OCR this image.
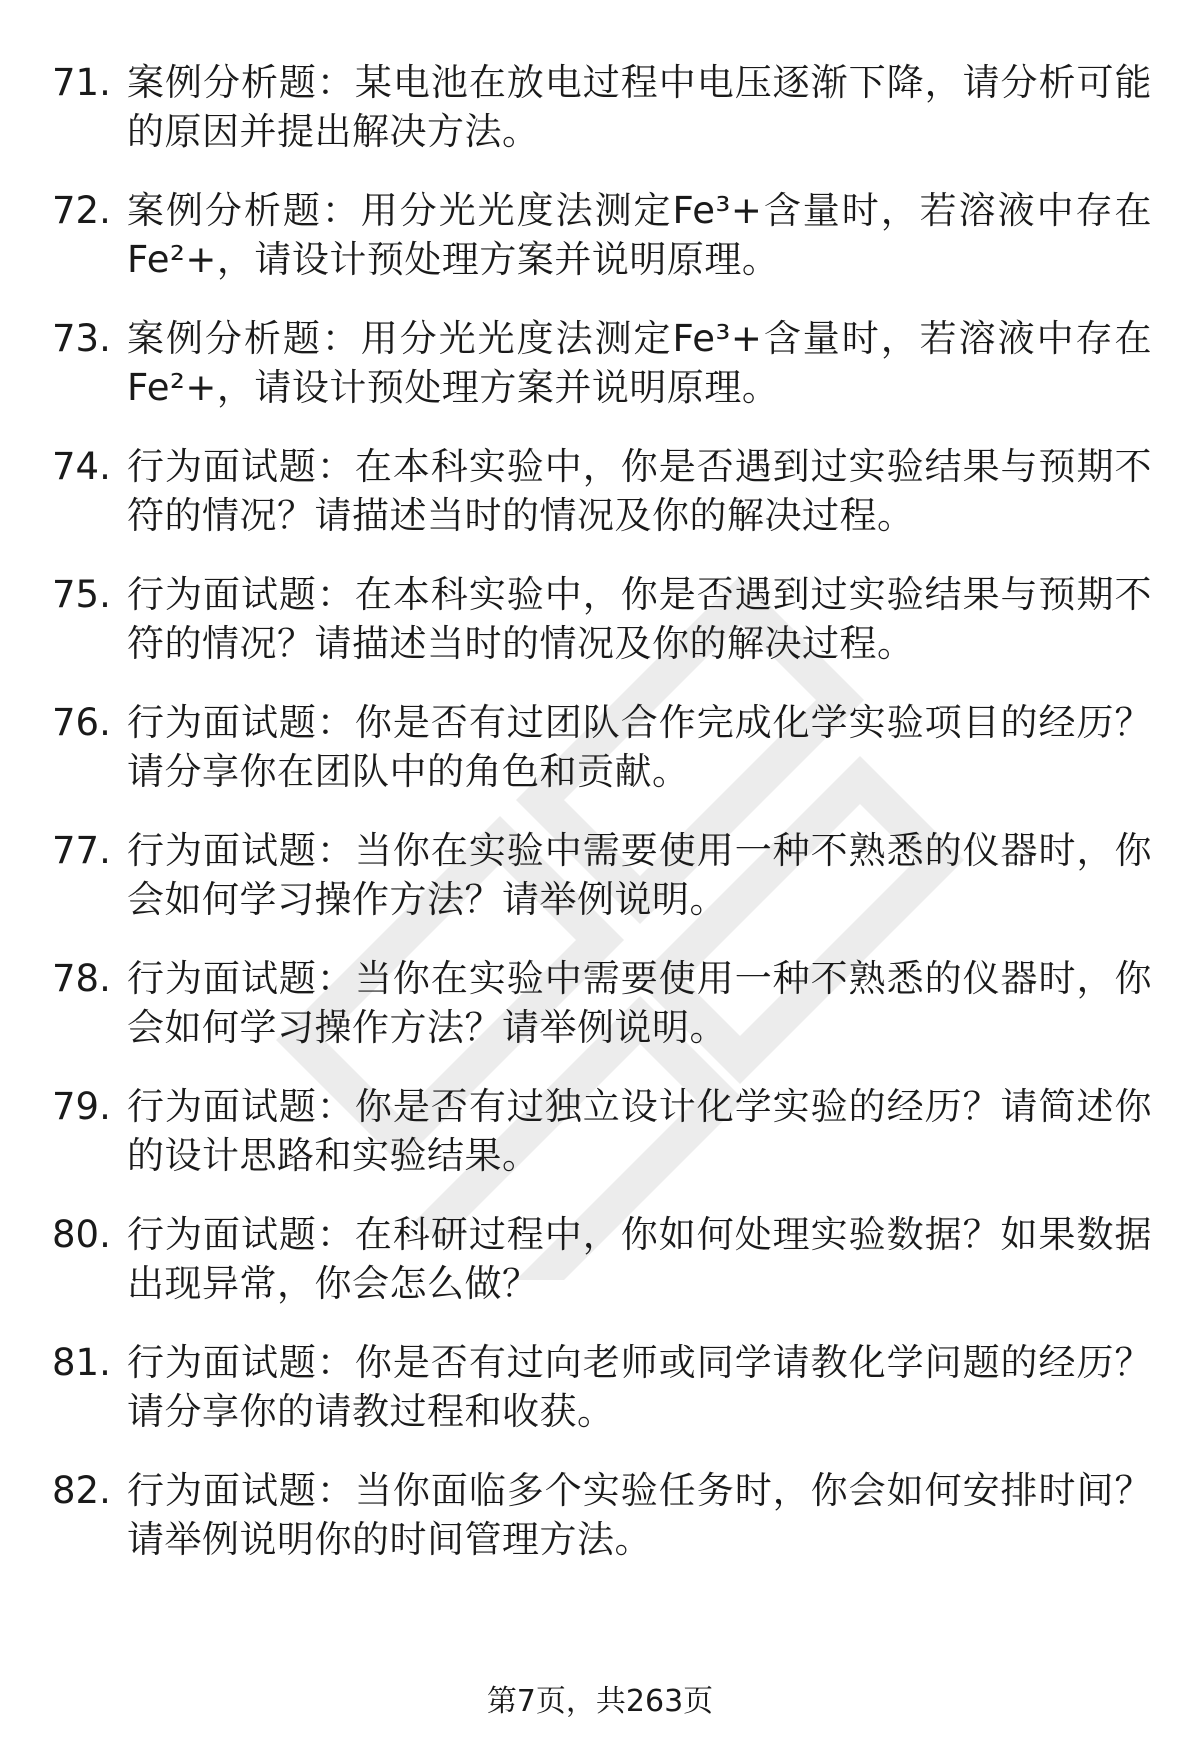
71. 案例分析题：某电池在放电过程中电压逐渐下降，请分析可能的原因并提出解决方法。
72. 案例分析题：用分光光度法测定Fe³+含量时，若溶液中存在Fe²+，请设计预处理方案并说明原理。
73. 案例分析题：用分光光度法测定Fe³+含量时，若溶液中存在Fe²+，请设计预处理方案并说明原理。
74. 行为面试题：在本科实验中，你是否遇到过实验结果与预期不符的情况？请描述当时的情况及你的解决过程。
75. 行为面试题：在本科实验中，你是否遇到过实验结果与预期不符的情况？请描述当时的情况及你的解决过程。
76. 行为面试题：你是否有过团队合作完成化学实验项目的经历？请分享你在团队中的角色和贡献。
77. 行为面试题：当你在实验中需要使用一种不熟悉的仪器时，你会如何学习操作方法？请举例说明。
78. 行为面试题：当你在实验中需要使用一种不熟悉的仪器时，你会如何学习操作方法？请举例说明。
79. 行为面试题：你是否有过独立设计化学实验的经历？请简述你的设计思路和实验结果。
80. 行为面试题：在科研过程中，你如何处理实验数据？如果数据出现异常，你会怎么做？
81. 行为面试题：你是否有过向老师或同学请教化学问题的经历？请分享你的请教过程和收获。
82. 行为面试题：当你面临多个实验任务时，你会如何安排时间？请举例说明你的时间管理方法。
第7页，共263页
